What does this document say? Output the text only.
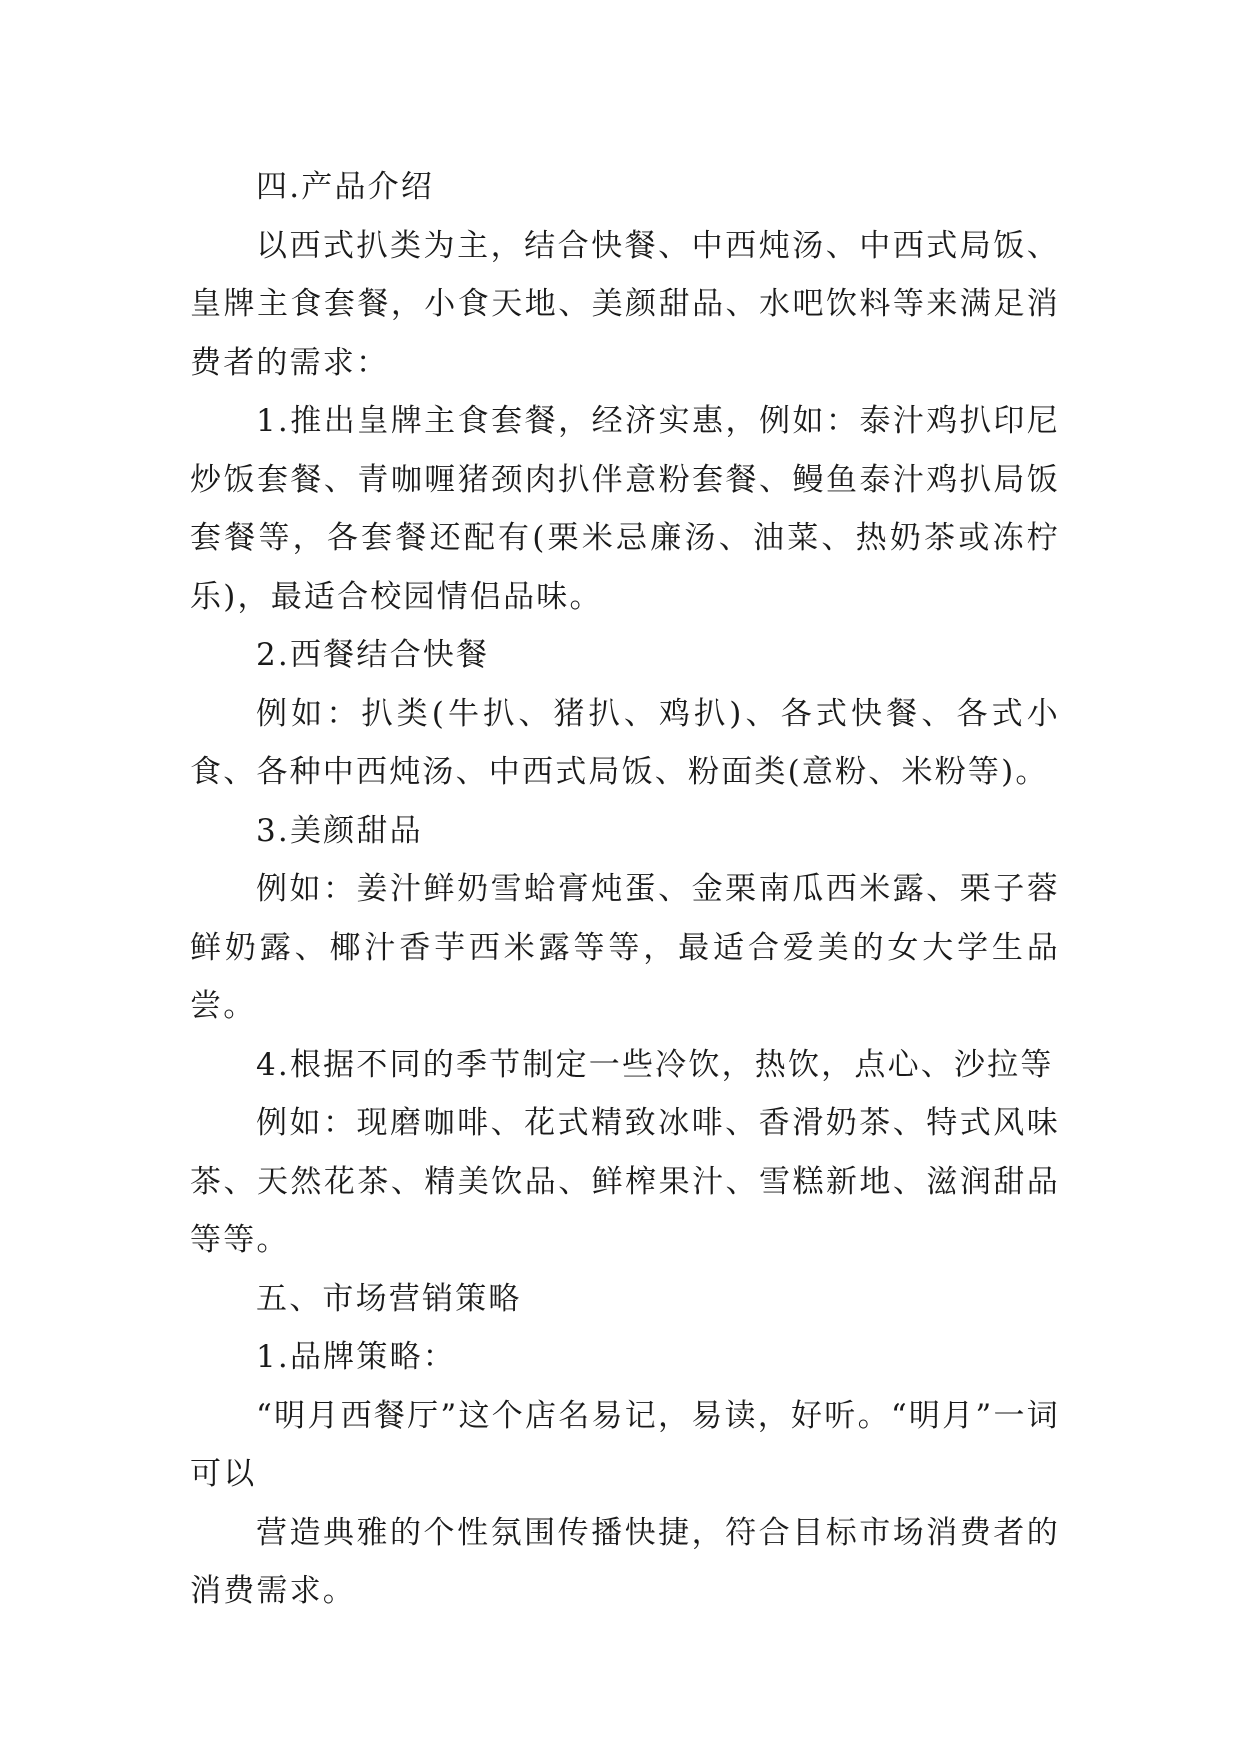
四.产品介绍

以西式扒类为主，结合快餐、中西炖汤、中西式局饭、皇牌主食套餐，小食天地、美颜甜品、水吧饮料等来满足消费者的需求：

1.推出皇牌主食套餐，经济实惠，例如：泰汁鸡扒印尼炒饭套餐、青咖喱猪颈肉扒伴意粉套餐、鳗鱼泰汁鸡扒局饭套餐等，各套餐还配有(栗米忌廉汤、油菜、热奶茶或冻柠乐)，最适合校园情侣品味。

2.西餐结合快餐

例如：扒类(牛扒、猪扒、鸡扒)、各式快餐、各式小食、各种中西炖汤、中西式局饭、粉面类(意粉、米粉等)。

3.美颜甜品

例如：姜汁鲜奶雪蛤膏炖蛋、金栗南瓜西米露、栗子蓉鲜奶露、椰汁香芋西米露等等，最适合爱美的女大学生品尝。

4.根据不同的季节制定一些冷饮，热饮，点心、沙拉等

例如：现磨咖啡、花式精致冰啡、香滑奶茶、特式风味茶、天然花茶、精美饮品、鲜榨果汁、雪糕新地、滋润甜品等等。

五、市场营销策略

1.品牌策略：

“明月西餐厅”这个店名易记，易读，好听。“明月”一词可以

营造典雅的个性氛围传播快捷，符合目标市场消费者的消费需求。
